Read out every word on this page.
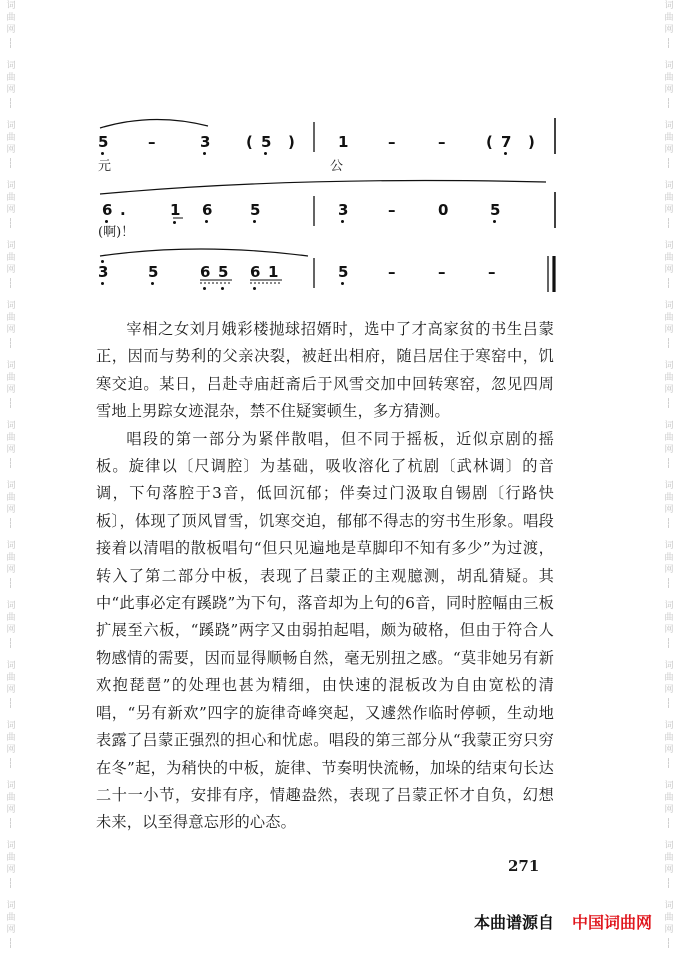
词
曲
网
词
曲
网
词
曲
网
词
曲
网
词
曲
网
词
曲
网
词
曲
网
词
曲
网
词
曲
网
词
曲
网
词
曲
网
词
曲
网
词
曲
网
词
曲
网
词
曲
网
词
曲
网
词
曲
网
词
曲
网
词
曲
网
词
曲
网
词
曲
网
词
曲
网
词
曲
网
词
曲
网
词
曲
网
词
曲
网
词
曲
网
词
曲
网
词
曲
网
词
曲
网
词
曲
网
词
曲
网
5	–	3 ( 5 )	1	–	–	( 7 )
元	公
6 .	1 6	5	3	–	0	5
(啊)！
3	5	6 5 6 1	5	–	–	–

宰相之女刘月娥彩楼抛球招婿时，选中了才高家贫的书生吕蒙正，因而与势利的父亲决裂，被赶出相府，随吕居住于寒窑中，饥寒交迫。某日，吕赴寺庙赶斋后于风雪交加中回转寒窑，忽见四周雪地上男踪女迹混杂，禁不住疑窦顿生，多方猜测。

唱段的第一部分为紧伴散唱，但不同于摇板，近似京剧的摇板。旋律以〔尺调腔〕为基础，吸收溶化了杭剧〔武林调〕的音调，下句落腔于3音，低回沉郁；伴奏过门汲取自锡剧〔行路快板〕，体现了顶风冒雪，饥寒交迫，郁郁不得志的穷书生形象。唱段接着以清唱的散板唱句“但只见遍地是草脚印不知有多少”为过渡，转入了第二部分中板，表现了吕蒙正的主观臆测，胡乱猜疑。其中“此事必定有蹊跷”为下句，落音却为上句的6音，同时腔幅由三板扩展至六板，“蹊跷”两字又由弱拍起唱，颇为破格，但由于符合人物感情的需要，因而显得顺畅自然，毫无别扭之感。“莫非她另有新欢抱琵琶”的处理也甚为精细，由快速的混板改为自由宽松的清唱，“另有新欢”四字的旋律奇峰突起，又遽然作临时停顿，生动地表露了吕蒙正强烈的担心和忧虑。唱段的第三部分从“我蒙正穷只穷在冬”起，为稍快的中板，旋律、节奏明快流畅，加垛的结束句长达二十一小节，安排有序，情趣盎然，表现了吕蒙正怀才自负，幻想未来，以至得意忘形的心态。

271
本曲谱源自 中国词曲网
